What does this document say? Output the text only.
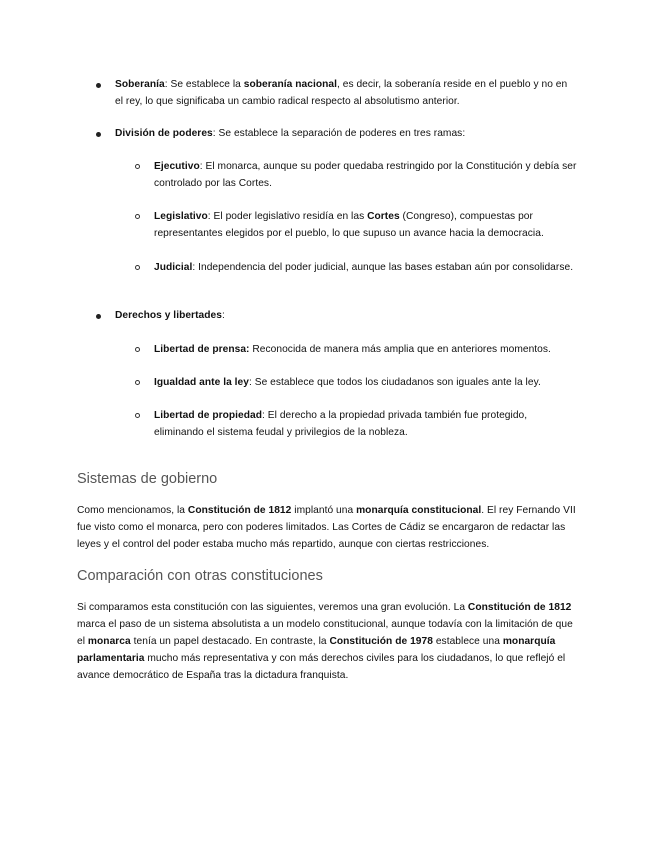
Soberanía: Se establece la soberanía nacional, es decir, la soberanía reside en el pueblo y no en el rey, lo que significaba un cambio radical respecto al absolutismo anterior.
División de poderes: Se establece la separación de poderes en tres ramas:
Ejecutivo: El monarca, aunque su poder quedaba restringido por la Constitución y debía ser controlado por las Cortes.
Legislativo: El poder legislativo residía en las Cortes (Congreso), compuestas por representantes elegidos por el pueblo, lo que supuso un avance hacia la democracia.
Judicial: Independencia del poder judicial, aunque las bases estaban aún por consolidarse.
Derechos y libertades:
Libertad de prensa: Reconocida de manera más amplia que en anteriores momentos.
Igualdad ante la ley: Se establece que todos los ciudadanos son iguales ante la ley.
Libertad de propiedad: El derecho a la propiedad privada también fue protegido, eliminando el sistema feudal y privilegios de la nobleza.
Sistemas de gobierno
Como mencionamos, la Constitución de 1812 implantó una monarquía constitucional. El rey Fernando VII fue visto como el monarca, pero con poderes limitados. Las Cortes de Cádiz se encargaron de redactar las leyes y el control del poder estaba mucho más repartido, aunque con ciertas restricciones.
Comparación con otras constituciones
Si comparamos esta constitución con las siguientes, veremos una gran evolución. La Constitución de 1812 marca el paso de un sistema absolutista a un modelo constitucional, aunque todavía con la limitación de que el monarca tenía un papel destacado. En contraste, la Constitución de 1978 establece una monarquía parlamentaria mucho más representativa y con más derechos civiles para los ciudadanos, lo que reflejó el avance democrático de España tras la dictadura franquista.
